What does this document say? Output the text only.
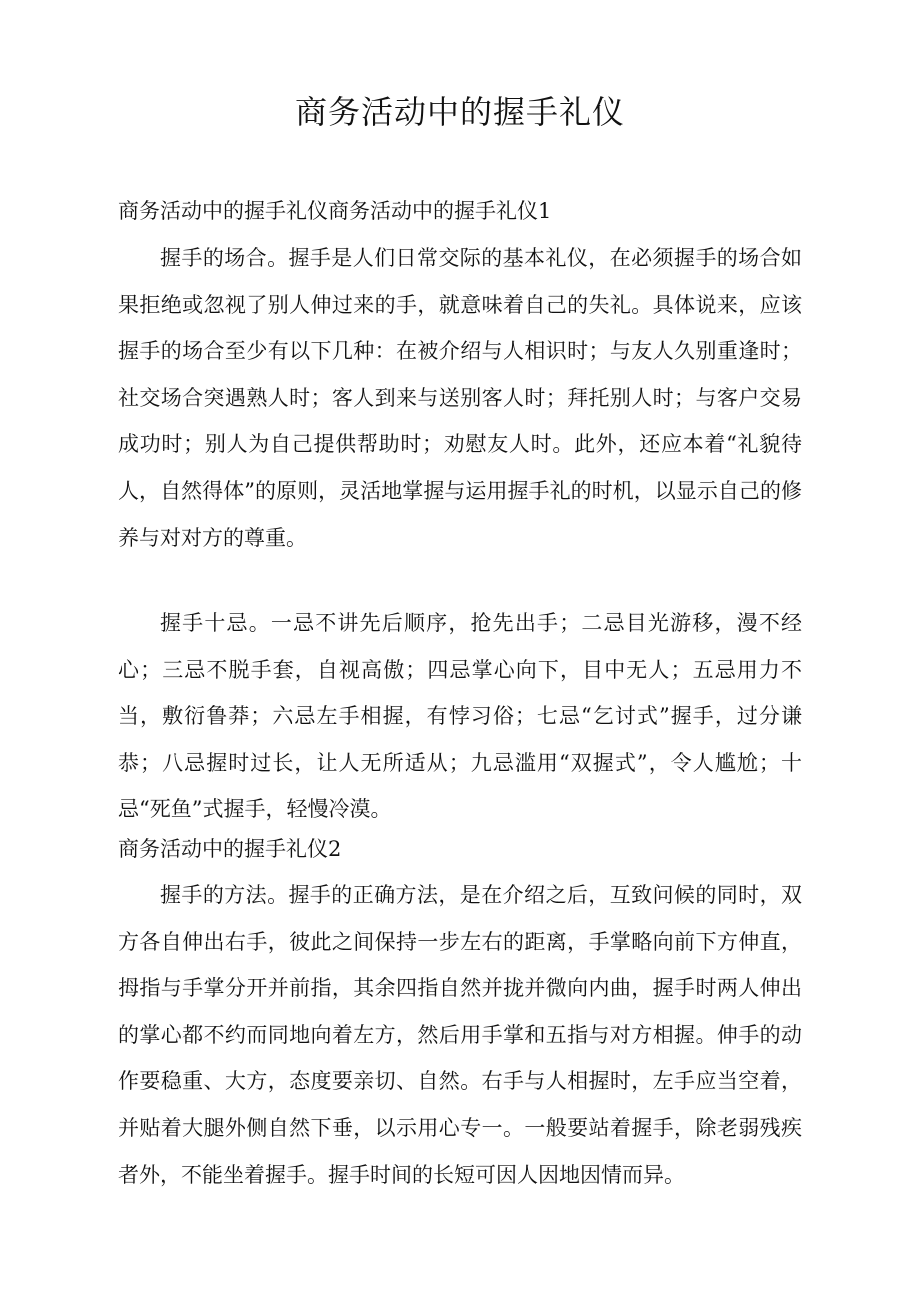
商务活动中的握手礼仪
商务活动中的握手礼仪商务活动中的握手礼仪1

握手的场合。握手是人们日常交际的基本礼仪，在必须握手的场合如果拒绝或忽视了别人伸过来的手，就意味着自己的失礼。具体说来，应该握手的场合至少有以下几种：在被介绍与人相识时；与友人久别重逢时；社交场合突遇熟人时；客人到来与送别客人时；拜托别人时；与客户交易成功时；别人为自己提供帮助时；劝慰友人时。此外，还应本着“礼貌待人，自然得体”的原则，灵活地掌握与运用握手礼的时机，以显示自己的修养与对对方的尊重。

握手十忌。一忌不讲先后顺序，抢先出手；二忌目光游移，漫不经心；三忌不脱手套，自视高傲；四忌掌心向下，目中无人；五忌用力不当，敷衍鲁莽；六忌左手相握，有悖习俗；七忌“乞讨式”握手，过分谦恭；八忌握时过长，让人无所适从；九忌滥用“双握式”，令人尴尬；十忌“死鱼”式握手，轻慢冷漠。

商务活动中的握手礼仪2

握手的方法。握手的正确方法，是在介绍之后，互致问候的同时，双方各自伸出右手，彼此之间保持一步左右的距离，手掌略向前下方伸直，拇指与手掌分开并前指，其余四指自然并拢并微向内曲，握手时两人伸出的掌心都不约而同地向着左方，然后用手掌和五指与对方相握。伸手的动作要稳重、大方，态度要亲切、自然。右手与人相握时，左手应当空着，并贴着大腿外侧自然下垂，以示用心专一。一般要站着握手，除老弱残疾者外，不能坐着握手。握手时间的长短可因人因地因情而异。
